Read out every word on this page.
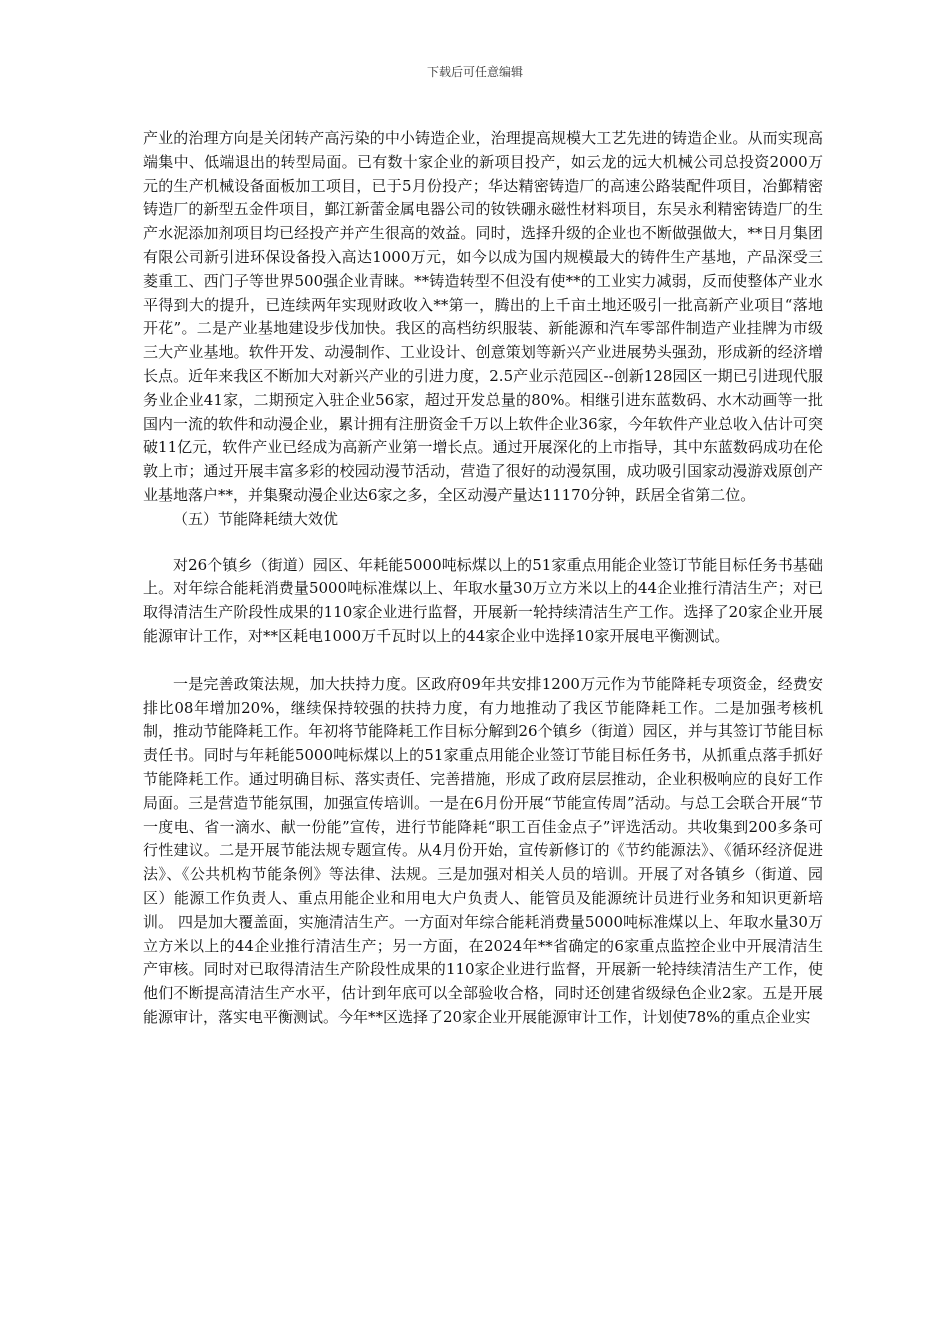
下载后可任意编辑

产业的治理方向是关闭转产高污染的中小铸造企业，治理提高规模大工艺先进的铸造企业。从而实现高端集中、低端退出的转型局面。已有数十家企业的新项目投产，如云龙的远大机械公司总投资2000万元的生产机械设备面板加工项目，已于5月份投产；华达精密铸造厂的高速公路装配件项目，冶鄞精密铸造厂的新型五金件项目，鄞江新蕾金属电器公司的钕铁硼永磁性材料项目，东吴永利精密铸造厂的生产水泥添加剂项目均已经投产并产生很高的效益。同时，选择升级的企业也不断做强做大，**日月集团有限公司新引进环保设备投入高达1000万元，如今以成为国内规模最大的铸件生产基地，产品深受三菱重工、西门子等世界500强企业青睐。**铸造转型不但没有使**的工业实力减弱，反而使整体产业水平得到大的提升，已连续两年实现财政收入**第一，腾出的上千亩土地还吸引一批高新产业项目“落地开花”。二是产业基地建设步伐加快。我区的高档纺织服装、新能源和汽车零部件制造产业挂牌为市级三大产业基地。软件开发、动漫制作、工业设计、创意策划等新兴产业进展势头强劲，形成新的经济增长点。近年来我区不断加大对新兴产业的引进力度，2.5产业示范园区--创新128园区一期已引进现代服务业企业41家，二期预定入驻企业56家，超过开发总量的80%。相继引进东蓝数码、水木动画等一批国内一流的软件和动漫企业，累计拥有注册资金千万以上软件企业36家，今年软件产业总收入估计可突破11亿元，软件产业已经成为高新产业第一增长点。通过开展深化的上市指导，其中东蓝数码成功在伦敦上市；通过开展丰富多彩的校园动漫节活动，营造了很好的动漫氛围，成功吸引国家动漫游戏原创产业基地落户**，并集聚动漫企业达6家之多，全区动漫产量达11170分钟，跃居全省第二位。

（五）节能降耗绩大效优

对26个镇乡（街道）园区、年耗能5000吨标煤以上的51家重点用能企业签订节能目标任务书基础上。对年综合能耗消费量5000吨标准煤以上、年取水量30万立方米以上的44企业推行清洁生产；对已取得清洁生产阶段性成果的110家企业进行监督，开展新一轮持续清洁生产工作。选择了20家企业开展能源审计工作，对**区耗电1000万千瓦时以上的44家企业中选择10家开展电平衡测试。

一是完善政策法规，加大扶持力度。区政府09年共安排1200万元作为节能降耗专项资金，经费安排比08年增加20%，继续保持较强的扶持力度，有力地推动了我区节能降耗工作。二是加强考核机制，推动节能降耗工作。年初将节能降耗工作目标分解到26个镇乡（街道）园区，并与其签订节能目标责任书。同时与年耗能5000吨标煤以上的51家重点用能企业签订节能目标任务书，从抓重点落手抓好节能降耗工作。通过明确目标、落实责任、完善措施，形成了政府层层推动，企业积极响应的良好工作局面。三是营造节能氛围，加强宣传培训。一是在6月份开展“节能宣传周”活动。与总工会联合开展“节一度电、省一滴水、献一份能”宣传，进行节能降耗“职工百佳金点子”评选活动。共收集到200多条可行性建议。二是开展节能法规专题宣传。从4月份开始，宣传新修订的《节约能源法》、《循环经济促进法》、《公共机构节能条例》等法律、法规。三是加强对相关人员的培训。开展了对各镇乡（街道、园区）能源工作负责人、重点用能企业和用电大户负责人、能管员及能源统计员进行业务和知识更新培训。 四是加大覆盖面，实施清洁生产。一方面对年综合能耗消费量5000吨标准煤以上、年取水量30万立方米以上的44企业推行清洁生产；另一方面，在2024年**省确定的6家重点监控企业中开展清洁生产审核。同时对已取得清洁生产阶段性成果的110家企业进行监督，开展新一轮持续清洁生产工作，使他们不断提高清洁生产水平，估计到年底可以全部验收合格，同时还创建省级绿色企业2家。五是开展能源审计，落实电平衡测试。今年**区选择了20家企业开展能源审计工作，计划使78%的重点企业实
